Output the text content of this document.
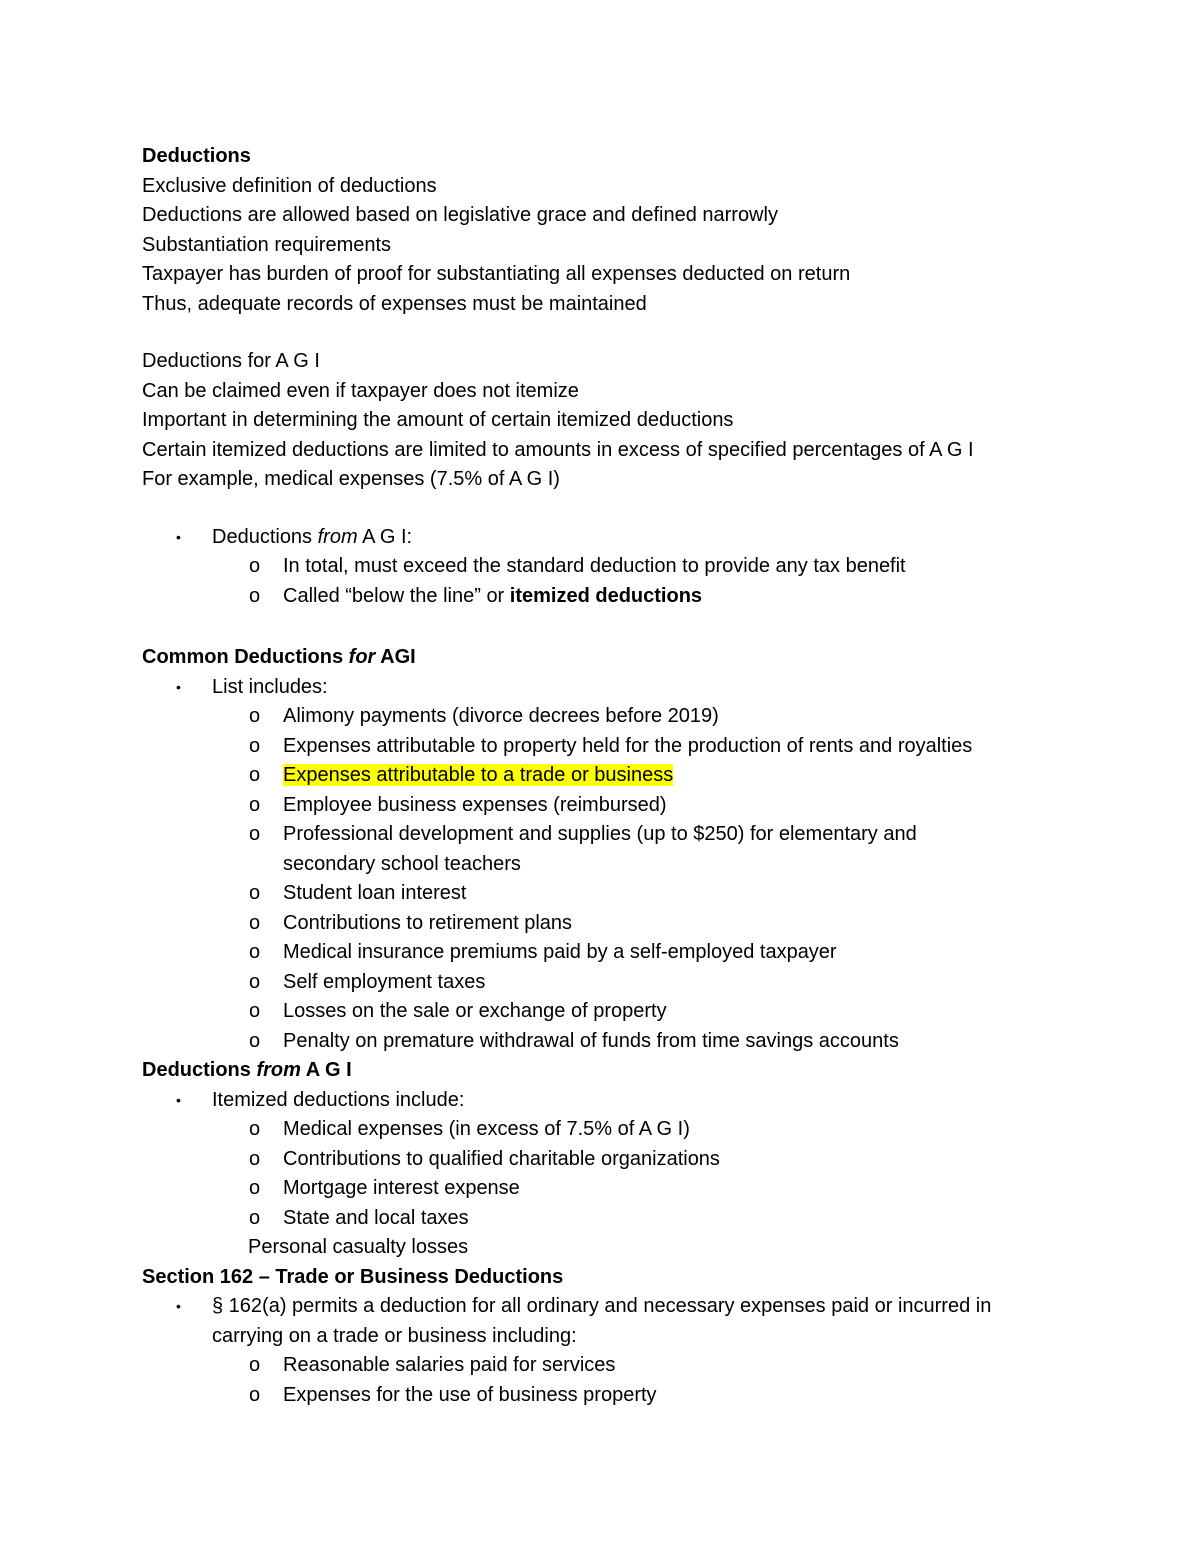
Deductions
Exclusive definition of deductions
Deductions are allowed based on legislative grace and defined narrowly
Substantiation requirements
Taxpayer has burden of proof for substantiating all expenses deducted on return
Thus, adequate records of expenses must be maintained
Deductions for A G I
Can be claimed even if taxpayer does not itemize
Important in determining the amount of certain itemized deductions
Certain itemized deductions are limited to amounts in excess of specified percentages of A G I
For example, medical expenses (7.5% of A G I)
• Deductions from A G I:
o In total, must exceed the standard deduction to provide any tax benefit
o Called “below the line” or itemized deductions
Common Deductions for AGI
• List includes:
o Alimony payments (divorce decrees before 2019)
o Expenses attributable to property held for the production of rents and royalties
o Expenses attributable to a trade or business
o Employee business expenses (reimbursed)
o Professional development and supplies (up to $250) for elementary and
secondary school teachers
o Student loan interest
o Contributions to retirement plans
o Medical insurance premiums paid by a self-employed taxpayer
o Self employment taxes
o Losses on the sale or exchange of property
o Penalty on premature withdrawal of funds from time savings accounts
Deductions from A G I
• Itemized deductions include:
o Medical expenses (in excess of 7.5% of A G I)
o Contributions to qualified charitable organizations
o Mortgage interest expense
o State and local taxes
Personal casualty losses
Section 162 – Trade or Business Deductions
• § 162(a) permits a deduction for all ordinary and necessary expenses paid or incurred in
carrying on a trade or business including:
o Reasonable salaries paid for services
o Expenses for the use of business property
